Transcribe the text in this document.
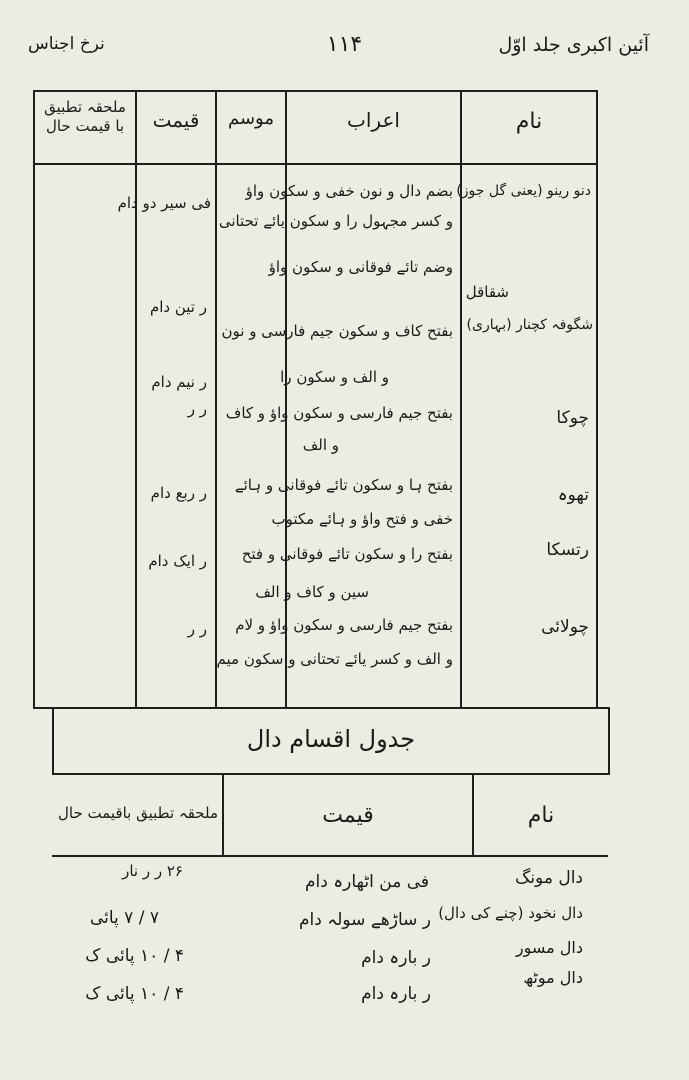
آئین اکبری جلد اوّل
۱۱۴
نرخ اجناس
نام
اعراب
موسم
قیمت
ملحقہ تطبیق
با قیمت حال
دنو رینو (یعنی گل جوز)
شقاقل
شگوفہ کچنار (بہاری)
چوکا
تھوہ
رتسکا
چولائی
بضم دال و نون خفی و سکون واؤ
و کسر مجہول را و سکون یائے تحتانی
وضم تائے فوقانی و سکون واؤ
بفتح کاف و سکون جیم فارسی و نون
و الف و سکون را
بفتح جیم فارسی و سکون واؤ و کاف
و الف
بفتح ہا و سکون تائے فوقانی و ہائے
خفی و فتح واؤ و ہائے مکتوب
بفتح را و سکون تائے فوقانی و فتح
سین و کاف و الف
بفتح جیم فارسی و سکون واؤ و لام
و الف و کسر یائے تحتانی و سکون میم
فی سیر دو دام
ر تین دام
ر نیم دام
ر ر
ر ربع دام
ر ایک دام
ر ر
جدول اقسام دال
نام
قیمت
ملحقہ تطبیق باقیمت حال
دال مونگ
دال نخود (چنے کی دال)
دال مسور
دال موٹھ
فی من اٹھارہ دام
ر ساڑھے سولہ دام
ر بارہ دام
ر بارہ دام
۲۶ ر ر نار
۷ / ۷ پائی
۴ / ۱۰ پائی ک
۴ / ۱۰ پائی ک
